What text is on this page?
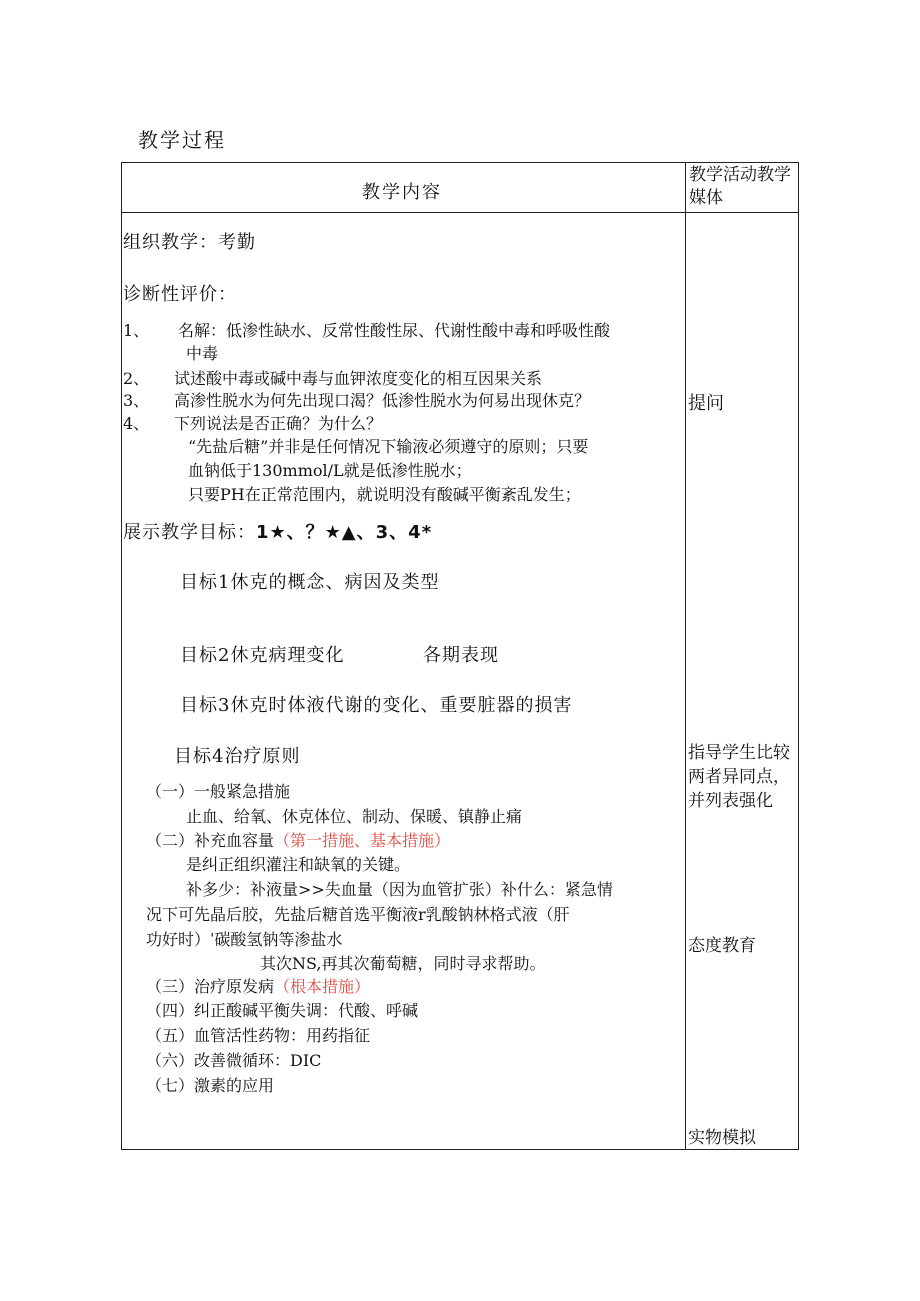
教学过程
教学内容
教学活动教学媒体
组织教学：考勤
诊断性评价：
1、 名解：低渗性缺水、反常性酸性尿、代谢性酸中毒和呼吸性酸
中毒
2、 试述酸中毒或碱中毒与血钾浓度变化的相互因果关系
3、 高渗性脱水为何先出现口渴？低渗性脱水为何易出现休克？
4、 下列说法是否正确？为什么？
“先盐后糖”并非是任何情况下输液必须遵守的原则；只要
血钠低于130mmol/L就是低渗性脱水；
只要PH在正常范围内，就说明没有酸碱平衡紊乱发生；
展示教学目标：1★、？★▲、3、4*
目标1休克的概念、病因及类型
目标2休克病理变化	各期表现
目标3休克时体液代谢的变化、重要脏器的损害
目标4治疗原则
（一）一般紧急措施
止血、给氧、休克体位、制动、保暖、镇静止痛
（二）补充血容量（第一措施、基本措施）
是纠正组织灌注和缺氧的关键。
补多少：补液量>>失血量（因为血管扩张）补什么：紧急情
况下可先晶后胶，先盐后糖首选平衡液r乳酸钠林格式液（肝
功好时）ˈ碳酸氢钠等渗盐水
其次NS,再其次葡萄糖，同时寻求帮助。
（三）治疗原发病（根本措施）
（四）纠正酸碱平衡失调：代酸、呼碱
（五）血管活性药物：用药指征
（六）改善微循环：DIC
（七）激素的应用
提问
指导学生比较两者异同点，并列表强化
态度教育
实物模拟
